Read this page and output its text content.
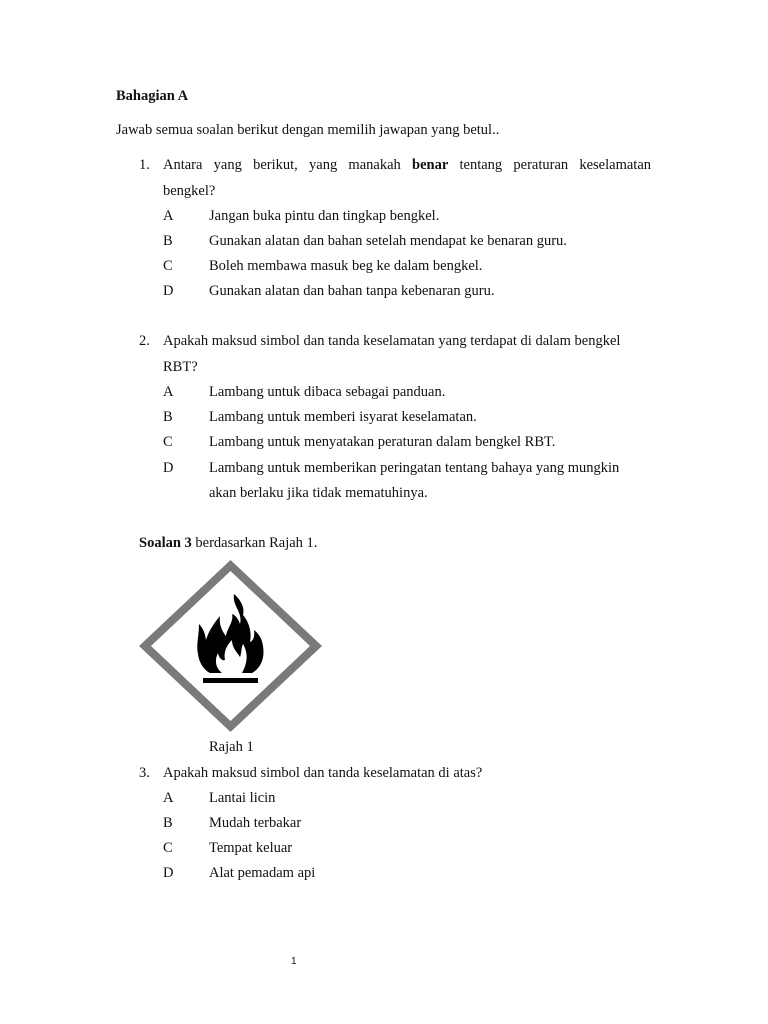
Bahagian A
Jawab semua soalan berikut dengan memilih jawapan yang betul..
1. Antara yang berikut, yang manakah benar tentang peraturan keselamatan
bengkel?
A Jangan buka pintu dan tingkap bengkel.
B	Gunakan alatan dan bahan setelah mendapat ke benaran guru.
C	Boleh membawa masuk beg ke dalam bengkel.
D Gunakan alatan dan bahan tanpa kebenaran guru.
2. Apakah maksud simbol dan tanda keselamatan yang terdapat di dalam bengkel
RBT?
A Lambang untuk dibaca sebagai panduan.
B	Lambang untuk memberi isyarat keselamatan.
C	Lambang untuk menyatakan peraturan dalam bengkel RBT.
D Lambang untuk memberikan peringatan tentang bahaya yang mungkin
akan berlaku jika tidak mematuhinya.
Soalan 3 berdasarkan Rajah 1.
Rajah 1
3. Apakah maksud simbol dan tanda keselamatan di atas?
A Lantai licin
B	Mudah terbakar
C	Tempat keluar
D Alat pemadam api
1
